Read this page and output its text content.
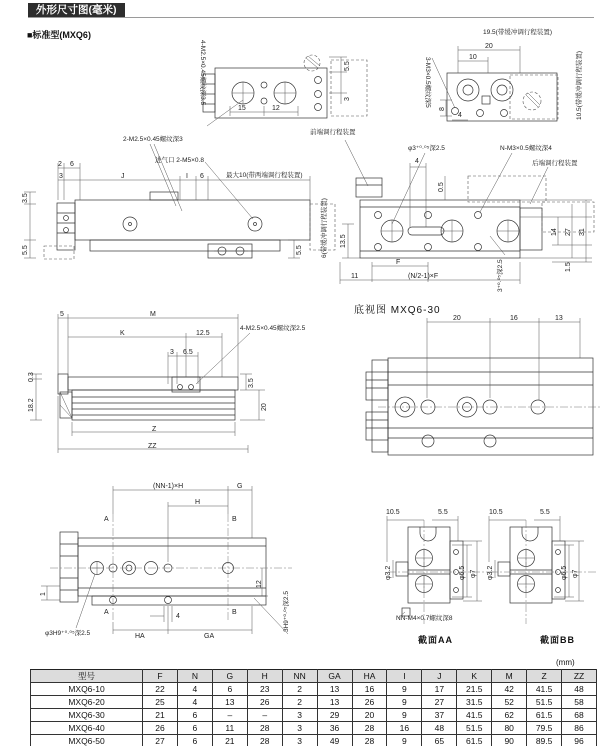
外形尺寸图(毫米)
■标准型(MXQ6)
4-M2.5×0.45螺纹深3.5
15	12
5.5
3
19.5(带缓冲调行程装置)
20
10
3-M3×0.5螺纹深5
8
4	10.5(带缓冲调行程装置)
2-M2.5×0.45螺纹深3
进气口 2-M5×0.8
最大10(带两端调行程装置)
2 6
3	J	I 6
3.5
5.5	5.5
前端调行程装置
φ3⁺⁰·⁰⁵深2.5	N-M3×0.5螺纹深4
后端调行程装置
4
0.5
6(带缓冲调行程装置) 13.5
14 27 31
1.5
F
11	(N/2-1)×F	3⁺⁰·⁰⁵深2.5
5	M
K	12.5
3 6.5
4-M2.5×0.45螺纹深2.5
0.3
18.2
3.5
20
Z
ZZ
底视图 MXQ6-30
20	16	13
(NN-1)×H	G
H
A	B
A	B
12
1
4
HA	GA
φ3H9⁺⁰·⁰⁵深2.5
3H9⁺⁰·⁰⁵深2.5
10.5	5.5
φ3.2	φ6.5 φ7
10.5	5.5
φ3.2	φ6.5 φ7
NN-M4×0.7螺纹深8
截面AA	截面BB
(mm)
型号	F	N	G	H	NN	GA	HA	I	J	K	M	Z	ZZ
MXQ6-10	22	4	6	23	2	13	16	9	17	21.5	42	41.5	48
MXQ6-20	25	4	13	26	2	13	26	9	27	31.5	52	51.5	58
MXQ6-30	21	6	–	–	3	29	20	9	37	41.5	62	61.5	68
MXQ6-40	26	6	11	28	3	36	28	16	48	51.5	80	79.5	86
MXQ6-50	27	6	21	28	3	49	28	9	65	61.5	90	89.5	96
